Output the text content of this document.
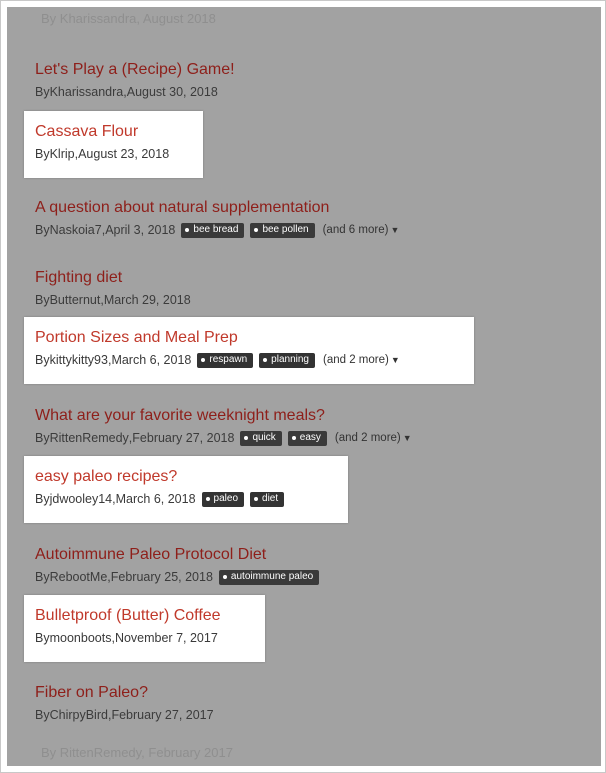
By Kharissandra, August 2018
Let's Play a (Recipe) Game!
By Kharissandra , August 30, 2018
Cassava Flour
By Klrip , August 23, 2018
A question about natural supplementation
By Naskoia7 , April 3, 2018 bee bread bee pollen (and 6 more) ▼
Fighting diet
By Butternut , March 29, 2018
Portion Sizes and Meal Prep
By kittykitty93 , March 6, 2018 respawn planning (and 2 more) ▼
What are your favorite weeknight meals?
By RittenRemedy , February 27, 2018 quick easy (and 2 more) ▼
easy paleo recipes?
By jdwooley14 , March 6, 2018 paleo diet
Autoimmune Paleo Protocol Diet
By RebootMe , February 25, 2018 autoimmune paleo
Bulletproof (Butter) Coffee
By moonboots , November 7, 2017
Fiber on Paleo?
By ChirpyBird , February 27, 2017
By RittenRemedy, February 2017
